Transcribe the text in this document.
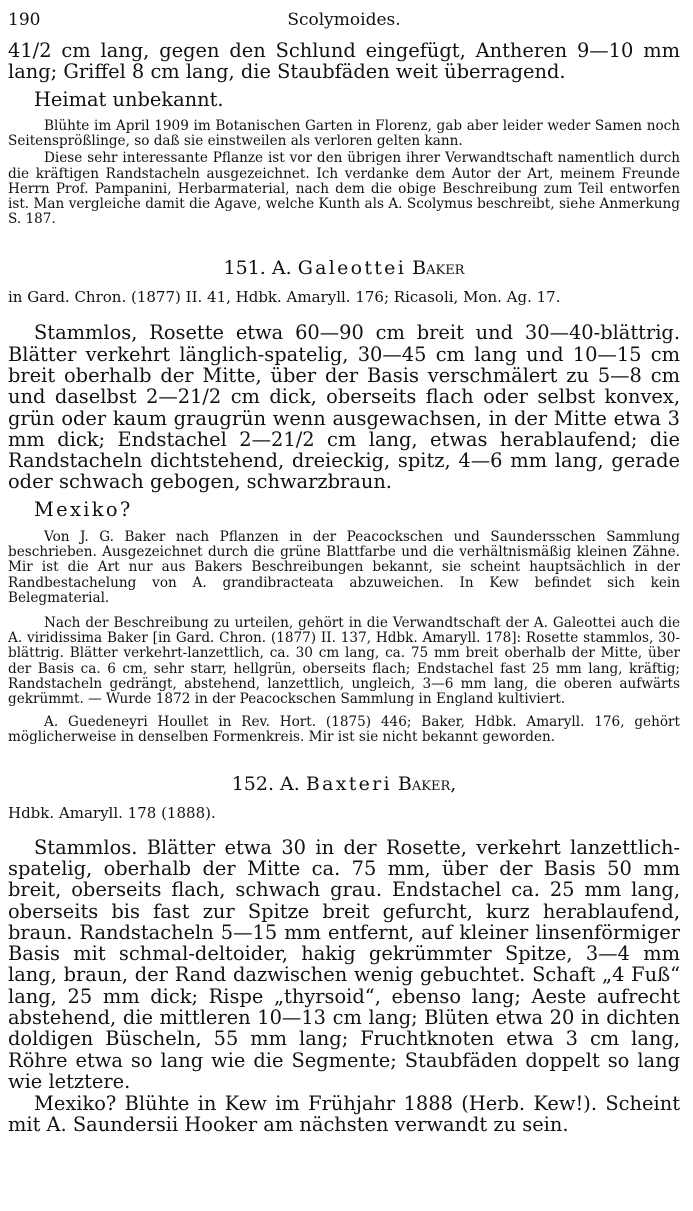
190	Scolymoides.

41/2 cm lang, gegen den Schlund eingefügt, Antheren 9—10 mm lang; Griffel 8 cm lang, die Staubfäden weit überragend.

Heimat unbekannt.

Blühte im April 1909 im Botanischen Garten in Florenz, gab aber leider weder Samen noch Seitensprößlinge, so daß sie einstweilen als verloren gelten kann.

Diese sehr interessante Pflanze ist vor den übrigen ihrer Verwandtschaft namentlich durch die kräftigen Randstacheln ausgezeichnet. Ich verdanke dem Autor der Art, meinem Freunde Herrn Prof. Pampanini, Herbarmaterial, nach dem die obige Beschreibung zum Teil entworfen ist. Man vergleiche damit die Agave, welche Kunth als A. Scolymus beschreibt, siehe Anmerkung S. 187.

151. A. Galeottei Baker

in Gard. Chron. (1877) II. 41, Hdbk. Amaryll. 176; Ricasoli, Mon. Ag. 17.

Stammlos, Rosette etwa 60—90 cm breit und 30—40-blättrig. Blätter verkehrt länglich-spatelig, 30—45 cm lang und 10—15 cm breit oberhalb der Mitte, über der Basis verschmälert zu 5—8 cm und daselbst 2—21/2 cm dick, oberseits flach oder selbst konvex, grün oder kaum graugrün wenn ausgewachsen, in der Mitte etwa 3 mm dick; Endstachel 2—21/2 cm lang, etwas herablaufend; die Randstacheln dichtstehend, dreieckig, spitz, 4—6 mm lang, gerade oder schwach gebogen, schwarzbraun.

Mexiko?

Von J. G. Baker nach Pflanzen in der Peacockschen und Saundersschen Sammlung beschrieben. Ausgezeichnet durch die grüne Blattfarbe und die verhältnismäßig kleinen Zähne. Mir ist die Art nur aus Bakers Beschreibungen bekannt, sie scheint hauptsächlich in der Randbestachelung von A. grandibracteata abzuweichen. In Kew befindet sich kein Belegmaterial.

Nach der Beschreibung zu urteilen, gehört in die Verwandtschaft der A. Galeottei auch die A. viridissima Baker [in Gard. Chron. (1877) II. 137, Hdbk. Amaryll. 178]: Rosette stammlos, 30-blättrig. Blätter verkehrt-lanzettlich, ca. 30 cm lang, ca. 75 mm breit oberhalb der Mitte, über der Basis ca. 6 cm, sehr starr, hellgrün, oberseits flach; Endstachel fast 25 mm lang, kräftig; Randstacheln gedrängt, abstehend, lanzettlich, ungleich, 3—6 mm lang, die oberen aufwärts gekrümmt. — Wurde 1872 in der Peacockschen Sammlung in England kultiviert.

A. Guedeneyri Houllet in Rev. Hort. (1875) 446; Baker, Hdbk. Amaryll. 176, gehört möglicherweise in denselben Formenkreis. Mir ist sie nicht bekannt geworden.

152. A. Baxteri Baker,

Hdbk. Amaryll. 178 (1888).

Stammlos. Blätter etwa 30 in der Rosette, verkehrt lanzettlich-spatelig, oberhalb der Mitte ca. 75 mm, über der Basis 50 mm breit, oberseits flach, schwach grau. Endstachel ca. 25 mm lang, oberseits bis fast zur Spitze breit gefurcht, kurz herablaufend, braun. Randstacheln 5—15 mm entfernt, auf kleiner linsenförmiger Basis mit schmal-deltoider, hakig gekrümmter Spitze, 3—4 mm lang, braun, der Rand dazwischen wenig gebuchtet. Schaft „4 Fuß“ lang, 25 mm dick; Rispe „thyrsoid“, ebenso lang; Aeste aufrecht abstehend, die mittleren 10—13 cm lang; Blüten etwa 20 in dichten doldigen Büscheln, 55 mm lang; Fruchtknoten etwa 3 cm lang, Röhre etwa so lang wie die Segmente; Staubfäden doppelt so lang wie letztere.

Mexiko? Blühte in Kew im Frühjahr 1888 (Herb. Kew!). Scheint mit A. Saundersii Hooker am nächsten verwandt zu sein.
